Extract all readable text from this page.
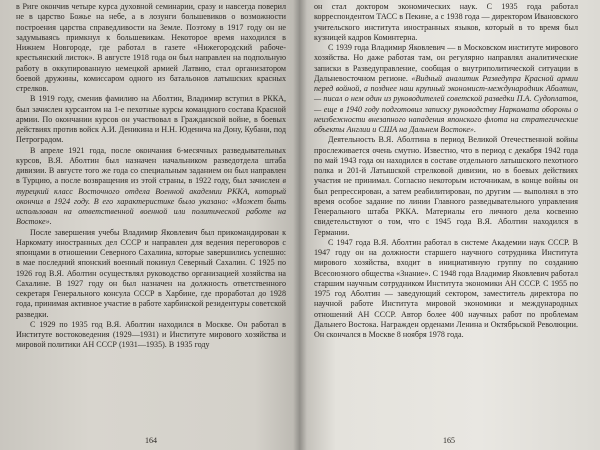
в Риге окончив четыре курса духовной семинарии, сразу и навсегда поверил не в царство Божье на небе, а в лозунги большевиков о возможности построения царства справедливости на Земле. Поэтому в 1917 году он не задумываясь примкнул к большевикам. Некоторое время находился в Нижнем Новгороде, где работал в газете «Нижегородский рабоче-крестьянский листок». В августе 1918 года он был направлен на подпольную работу в оккупированную немецкой армией Латвию, стал организатором боевой дружины, комиссаром одного из батальонов латышских красных стрелков.

В 1919 году, сменив фамилию на Аболтин, Владимир вступил в РККА, был зачислен курсантом на 1-е пехотные курсы командного состава Красной армии. По окончании курсов он участвовал в Гражданской войне, в боевых действиях против войск А.И. Деникина и Н.Н. Юденича на Дону, Кубани, под Петроградом.

В апреле 1921 года, после окончания 6-месячных разведывательных курсов, В.Я. Аболтин был назначен начальником разведотдела штаба дивизии. В августе того же года со специальным заданием он был направлен в Турцию, а после возвращения из этой страны, в 1922 году, был зачислен в турецкий класс Восточного отдела Военной академии РККА, который окончил в 1924 году. В его характеристике было указано: «Может быть использован на ответственной военной или политической работе на Востоке».

После завершения учебы Владимир Яковлевич был прикомандирован к Наркомату иностранных дел СССР и направлен для ведения переговоров с японцами в отношении Северного Сахалина, которые завершились успешно: в мае последний японский военный покинул Северный Сахалин. С 1925 по 1926 год В.Я. Аболтин осуществлял руководство организацией хозяйства на Сахалине. В 1927 году он был назначен на должность ответственного секретаря Генерального консула СССР в Харбине, где проработал до 1928 года, принимая активное участие в работе харбинской резидентуры советской разведки.

С 1929 по 1935 год В.Я. Аболтин находился в Москве. Он работал в Институте востоковедения (1929—1931) и Институте мирового хозяйства и мировой политики АН СССР (1931—1935). В 1935 году

164

он стал доктором экономических наук. С 1935 года работал корреспондентом ТАСС в Пекине, а с 1938 года — директором Ивановского учительского института иностранных языков, который в то время был кузницей кадров Коминтерна.

С 1939 года Владимир Яковлевич — в Московском институте мирового хозяйства. Но даже работая там, он регулярно направлял аналитические записки в Разведуправление, сообщая о внутриполитической ситуации в Дальневосточном регионе. «Видный аналитик Разведупра Красной армии перед войной, а позднее наш крупный экономист-международник Аболтин, — писал о нем один из руководителей советской разведки П.А. Судоплатов, — еще в 1940 году подготовил записку руководству Наркомата обороны о неизбежности внезапного нападения японского флота на стратегические объекты Англии и США на Дальнем Востоке».

Деятельность В.Я. Аболтина в период Великой Отечественной войны прослеживается очень смутно. Известно, что в период с декабря 1942 года по май 1943 года он находился в составе отдельного латышского пехотного полка и 201-й Латышской стрелковой дивизии, но в боевых действиях участия не принимал. Согласно некоторым источникам, в конце войны он был репрессирован, а затем реабилитирован, по другим — выполнял в это время особое задание по линии Главного разведывательного управления Генерального штаба РККА. Материалы его личного дела косвенно свидетельствуют о том, что с 1945 года В.Я. Аболтин находился в Германии.

С 1947 года В.Я. Аболтин работал в системе Академии наук СССР. В 1947 году он на должности старшего научного сотрудника Института мирового хозяйства, входит в инициативную группу по созданию Всесоюзного общества «Знание». С 1948 года Владимир Яковлевич работал старшим научным сотрудником Института экономики АН СССР. С 1955 по 1975 год Аболтин — заведующий сектором, заместитель директора по научной работе Института мировой экономики и международных отношений АН СССР. Автор более 400 научных работ по проблемам Дальнего Востока. Награжден орденами Ленина и Октябрьской Революции. Он скончался в Москве 8 ноября 1978 года.

165
